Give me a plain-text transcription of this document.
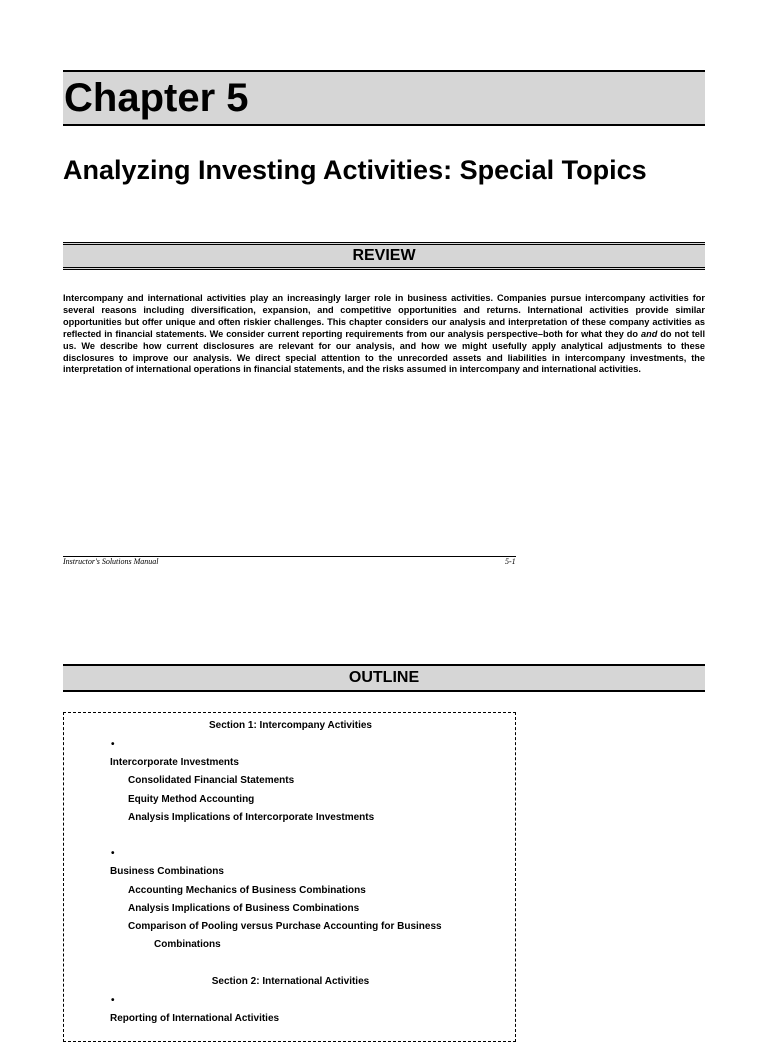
Chapter 5
Analyzing Investing Activities: Special Topics
REVIEW

Intercompany and international activities play an increasingly larger role in business activities. Companies pursue intercompany activities for several reasons including diversification, expansion, and competitive opportunities and returns. International activities provide similar opportunities but offer unique and often riskier challenges. This chapter considers our analysis and interpretation of these company activities as reflected in financial statements. We consider current reporting requirements from our analysis perspective–both for what they do and do not tell us. We describe how current disclosures are relevant for our analysis, and how we might usefully apply analytical adjustments to these disclosures to improve our analysis. We direct special attention to the unrecorded assets and liabilities in intercompany investments, the interpretation of international operations in financial statements, and the risks assumed in intercompany and international activities.

Instructor's Solutions Manual	5-1
OUTLINE
Section 1: Intercompany Activities
•
Intercorporate Investments
Consolidated Financial Statements
Equity Method Accounting
Analysis Implications of Intercorporate Investments
•
Business Combinations
Accounting Mechanics of Business Combinations
Analysis Implications of Business Combinations
Comparison of Pooling versus Purchase Accounting for Business
Combinations
Section 2: International Activities
•
Reporting of International Activities
